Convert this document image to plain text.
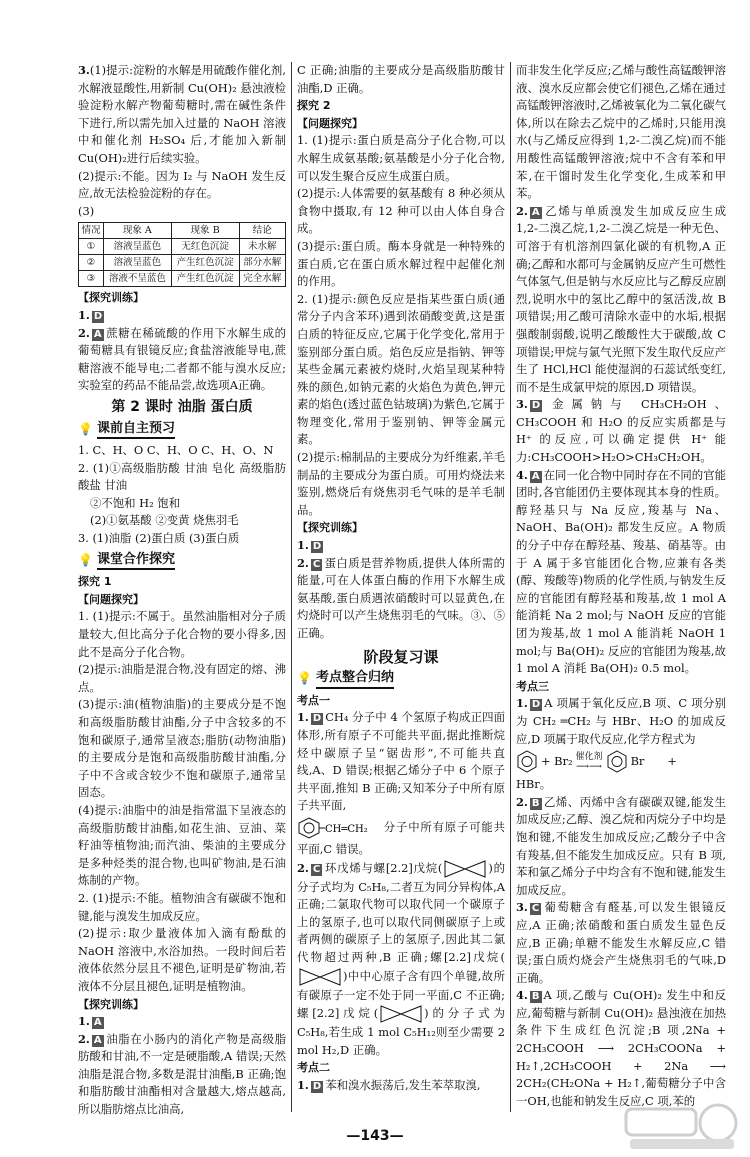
3.(1)提示:淀粉的水解是用硫酸作催化剂,水解液显酸性,用新制 Cu(OH)₂ 悬浊液检验淀粉水解产物葡萄糖时,需在碱性条件下进行,所以需先加入过量的 NaOH 溶液中和催化剂 H₂SO₄ 后,才能加入新制Cu(OH)₂进行后续实验。

(2)提示:不能。因为 I₂ 与 NaOH 发生反应,故无法检验淀粉的存在。

(3)

情况	现象 A	现象 B	结论
①	溶液呈蓝色	无红色沉淀	未水解
②	溶液呈蓝色	产生红色沉淀	部分水解
③	溶液不呈蓝色	产生红色沉淀	完全水解

【探究训练】

1. D

2. A 蔗糖在稀硫酸的作用下水解生成的葡萄糖具有银镜反应;食盐溶液能导电,蔗糖溶液不能导电;二者都不能与溴水反应;实验室的药品不能品尝,故选项A正确。

第 2 课时 油脂 蛋白质
💡 课前自主预习

1. C、H、O C、H、O C、H、O、N

2. (1)①高级脂肪酸 甘油 皂化 高级脂肪酸盐 甘油

②不饱和 H₂ 饱和

(2)①氨基酸 ②变黄 烧焦羽毛

3. (1)油脂 (2)蛋白质 (3)蛋白质

💡 课堂合作探究

探究 1

【问题探究】

1. (1)提示:不属于。虽然油脂相对分子质量较大,但比高分子化合物的要小得多,因此不是高分子化合物。

(2)提示:油脂是混合物,没有固定的熔、沸点。

(3)提示:油(植物油脂)的主要成分是不饱和高级脂肪酸甘油酯,分子中含较多的不饱和碳原子,通常呈液态;脂肪(动物油脂)的主要成分是饱和高级脂肪酸甘油酯,分子中不含或含较少不饱和碳原子,通常呈固态。

(4)提示:油脂中的油是指常温下呈液态的高级脂肪酸甘油酯,如花生油、豆油、菜籽油等植物油;而汽油、柴油的主要成分是多种烃类的混合物,也叫矿物油,是石油炼制的产物。

2. (1)提示:不能。植物油含有碳碳不饱和键,能与溴发生加成反应。

(2)提示:取少量液体加入滴有酚酞的 NaOH 溶液中,水浴加热。一段时间后若液体依然分层且不褪色,证明是矿物油,若液体不分层且褪色,证明是植物油。

【探究训练】

1. A

2. A 油脂在小肠内的消化产物是高级脂肪酸和甘油,不一定是硬脂酸,A 错误;天然油脂是混合物,多数是混甘油酯,B 正确;饱和脂肪酸甘油酯相对含量越大,熔点越高,所以脂肪熔点比油高,

C 正确;油脂的主要成分是高级脂肪酸甘油酯,D 正确。

探究 2

【问题探究】

1. (1)提示:蛋白质是高分子化合物,可以水解生成氨基酸;氨基酸是小分子化合物,可以发生聚合反应生成蛋白质。

(2)提示:人体需要的氨基酸有 8 种必须从食物中摄取,有 12 种可以由人体自身合成。

(3)提示:蛋白质。酶本身就是一种特殊的蛋白质,它在蛋白质水解过程中起催化剂的作用。

2. (1)提示:颜色反应是指某些蛋白质(通常分子内含苯环)遇到浓硝酸变黄,这是蛋白质的特征反应,它属于化学变化,常用于鉴别部分蛋白质。焰色反应是指钠、钾等某些金属元素被灼烧时,火焰呈现某种特殊的颜色,如钠元素的火焰色为黄色,钾元素的焰色(透过蓝色钴玻璃)为紫色,它属于物理变化,常用于鉴别钠、钾等金属元素。

(2)提示:棉制品的主要成分为纤维素,羊毛制品的主要成分为蛋白质。可用灼烧法来鉴别,燃烧后有烧焦羽毛气味的是羊毛制品。

【探究训练】

1. D

2. C 蛋白质是营养物质,提供人体所需的能量,可在人体蛋白酶的作用下水解生成氨基酸,蛋白质遇浓硝酸时可以显黄色,在灼烧时可以产生烧焦羽毛的气味。③、⑤正确。

阶段复习课
💡 考点整合归纳

考点一

1. D CH₄ 分子中 4 个氢原子构成正四面体形,所有原子不可能共平面,据此推断烷烃中碳原子呈“锯齿形”,不可能共直线,A、D 错误;根据乙烯分子中 6 个原子共平面,推知 B 正确;又知苯分子中所有原子共平面,

CH═CH₂ 分子中所有原子可能共平面,C 错误。

2. C 环戊烯与螺[2.2]戊烷(	)的分子式均为 C₅H₈,二者互为同分异构体,A 正确;二氯取代物可以取代同一个碳原子上的氢原子,也可以取代同侧碳原子上或者两侧的碳原子上的氢原子,因此其二氯代物超过两种,B 正确;螺[2.2]戊烷()中中心原子含有四个单键,故所有碳原子一定不处于同一平面,C 不正确;螺[2.2]戊烷(	)的分子式为 C₅H₈,若生成 1 mol C₅H₁₂则至少需要 2 mol H₂,D 正确。

考点二

1. D 苯和溴水振荡后,发生苯萃取溴,

而非发生化学反应;乙烯与酸性高锰酸钾溶液、溴水反应都会使它们褪色,乙烯在通过高锰酸钾溶液时,乙烯被氧化为二氧化碳气体,所以在除去乙烷中的乙烯时,只能用溴水(与乙烯反应得到 1,2-二溴乙烷)而不能用酸性高锰酸钾溶液;烷中不含有苯和甲苯,在干馏时发生化学变化,生成苯和甲苯。

2. A 乙烯与单质溴发生加成反应生成 1,2-二溴乙烷,1,2-二溴乙烷是一种无色、可溶于有机溶剂四氯化碳的有机物,A 正确;乙醇和水都可与金属钠反应产生可燃性气体氢气,但是钠与水反应比与乙醇反应剧烈,说明水中的氢比乙醇中的氢活泼,故 B 项错误;用乙酸可清除水壶中的水垢,根据强酸制弱酸,说明乙酸酸性大于碳酸,故 C 项错误;甲烷与氯气光照下发生取代反应产生了 HCl,HCl 能使湿润的石蕊试纸变红,而不是生成氯甲烷的原因,D 项错误。

3. D 金属钠与 CH₃CH₂OH、CH₃COOH 和 H₂O 的反应实质都是与 H⁺ 的反应,可以确定提供 H⁺ 能力:CH₃COOH>H₂O>CH₃CH₂OH。

4. A 在同一化合物中同时存在不同的官能团时,各官能团仍主要体现其本身的性质。醇羟基只与 Na 反应,羧基与 Na、NaOH、Ba(OH)₂ 都发生反应。A 物质的分子中存在醇羟基、羧基、硝基等。由于 A 属于多官能团化合物,应兼有各类(醇、羧酸等)物质的化学性质,与钠发生反应的官能团有醇羟基和羧基,故 1 mol A 能消耗 Na 2 mol;与 NaOH 反应的官能团为羧基,故 1 mol A 能消耗 NaOH 1 mol;与 Ba(OH)₂ 反应的官能团为羧基,故 1 mol A 消耗 Ba(OH)₂ 0.5 mol。

考点三

1. D A 项属于氧化反应,B 项、C 项分别为 CH₂ ═CH₂ 与 HBr、H₂O 的加成反应,D 项属于取代反应,化学方程式为

+ Br₂ 催化剂
⟶⟶	Br +

HBr。

2. B 乙烯、丙烯中含有碳碳双键,能发生加成反应;乙醇、溴乙烷和丙烷分子中均是饱和键,不能发生加成反应;乙酸分子中含有羧基,但不能发生加成反应。只有 B 项,苯和氯乙烯分子中均含有不饱和键,能发生加成反应。

3. C 葡萄糖含有醛基,可以发生银镜反应,A 正确;浓硝酸和蛋白质发生显色反应,B 正确;单糖不能发生水解反应,C 错误;蛋白质灼烧会产生烧焦羽毛的气味,D 正确。

4. B A 项,乙酸与 Cu(OH)₂ 发生中和反应,葡萄糖与新制 Cu(OH)₂ 悬浊液在加热条件下生成红色沉淀;B 项,2Na + 2CH₃COOH ⟶ 2CH₃COONa + H₂↑,2CH₃COOH + 2Na ⟶ 2CH₂(CH₂ONa + H₂↑,葡萄糖分子中含一OH,也能和钠发生反应,C 项,苯的

—143—
